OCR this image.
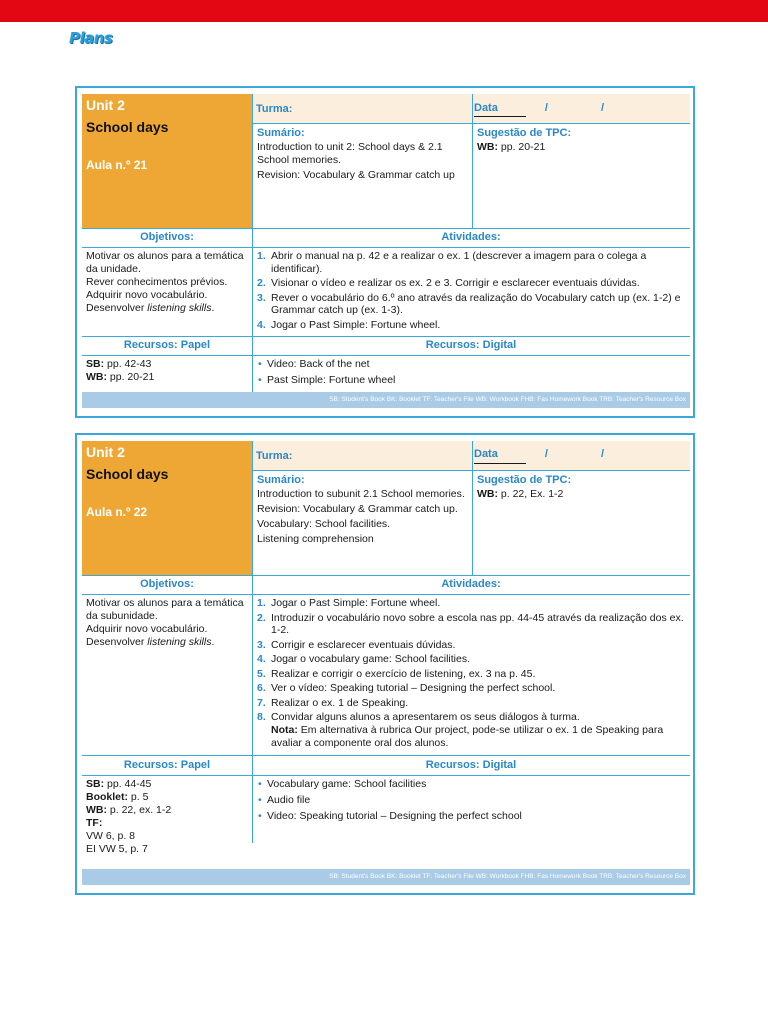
Plans
Unit 2
School days
Aula n.º 21
Turma:	Data	/	/
Sumário:
Introduction to unit 2: School days & 2.1 School memories.
Revision: Vocabulary & Grammar catch up
Sugestão de TPC:
WB: pp. 20-21
Objetivos:	Atividades:
Motivar os alunos para a temática da unidade.
Rever conhecimentos prévios.
Adquirir novo vocabulário.
Desenvolver listening skills.
1. Abrir o manual na p. 42 e a realizar o ex. 1 (descrever a imagem para o colega a identificar).
2. Visionar o vídeo e realizar os ex. 2 e 3. Corrigir e esclarecer eventuais dúvidas.
3. Rever o vocabulário do 6.º ano através da realização do Vocabulary catch up (ex. 1-2) e Grammar catch up (ex. 1-3).
4. Jogar o Past Simple: Fortune wheel.
Recursos: Papel	Recursos: Digital
SB: pp. 42-43
WB: pp. 20-21
• Video: Back of the net
• Past Simple: Fortune wheel
SB: Student's Book BK: Booklet TF: Teacher's File WB: Workbook FHB: Fas Homework Book TRB: Teacher's Resource Box
Unit 2
School days
Aula n.º 22
Turma:	Data	/	/
Sumário:
Introduction to subunit 2.1 School memories.
Revision: Vocabulary & Grammar catch up.
Vocabulary: School facilities.
Listening comprehension
Sugestão de TPC:
WB: p. 22, Ex. 1-2
Objetivos:	Atividades:
Motivar os alunos para a temática da subunidade.
Adquirir novo vocabulário.
Desenvolver listening skills.
1. Jogar o Past Simple: Fortune wheel.
2. Introduzir o vocabulário novo sobre a escola nas pp. 44-45 através da realização dos ex. 1-2.
3. Corrigir e esclarecer eventuais dúvidas.
4. Jogar o vocabulary game: School facilities.
5. Realizar e corrigir o exercício de listening, ex. 3 na p. 45.
6. Ver o vídeo: Speaking tutorial – Designing the perfect school.
7. Realizar o ex. 1 de Speaking.
8. Convidar alguns alunos a apresentarem os seus diálogos à turma.
Nota: Em alternativa à rubrica Our project, pode-se utilizar o ex. 1 de Speaking para avaliar a componente oral dos alunos.
Recursos: Papel	Recursos: Digital
SB: pp. 44-45
Booklet: p. 5
WB: p. 22, ex. 1-2
TF:
VW 6, p. 8
EI VW 5, p. 7
• Vocabulary game: School facilities
• Audio file
• Video: Speaking tutorial – Designing the perfect school
SB: Student's Book BK: Booklet TF: Teacher's File WB: Workbook FHB: Fas Homework Book TRB: Teacher's Resource Box
